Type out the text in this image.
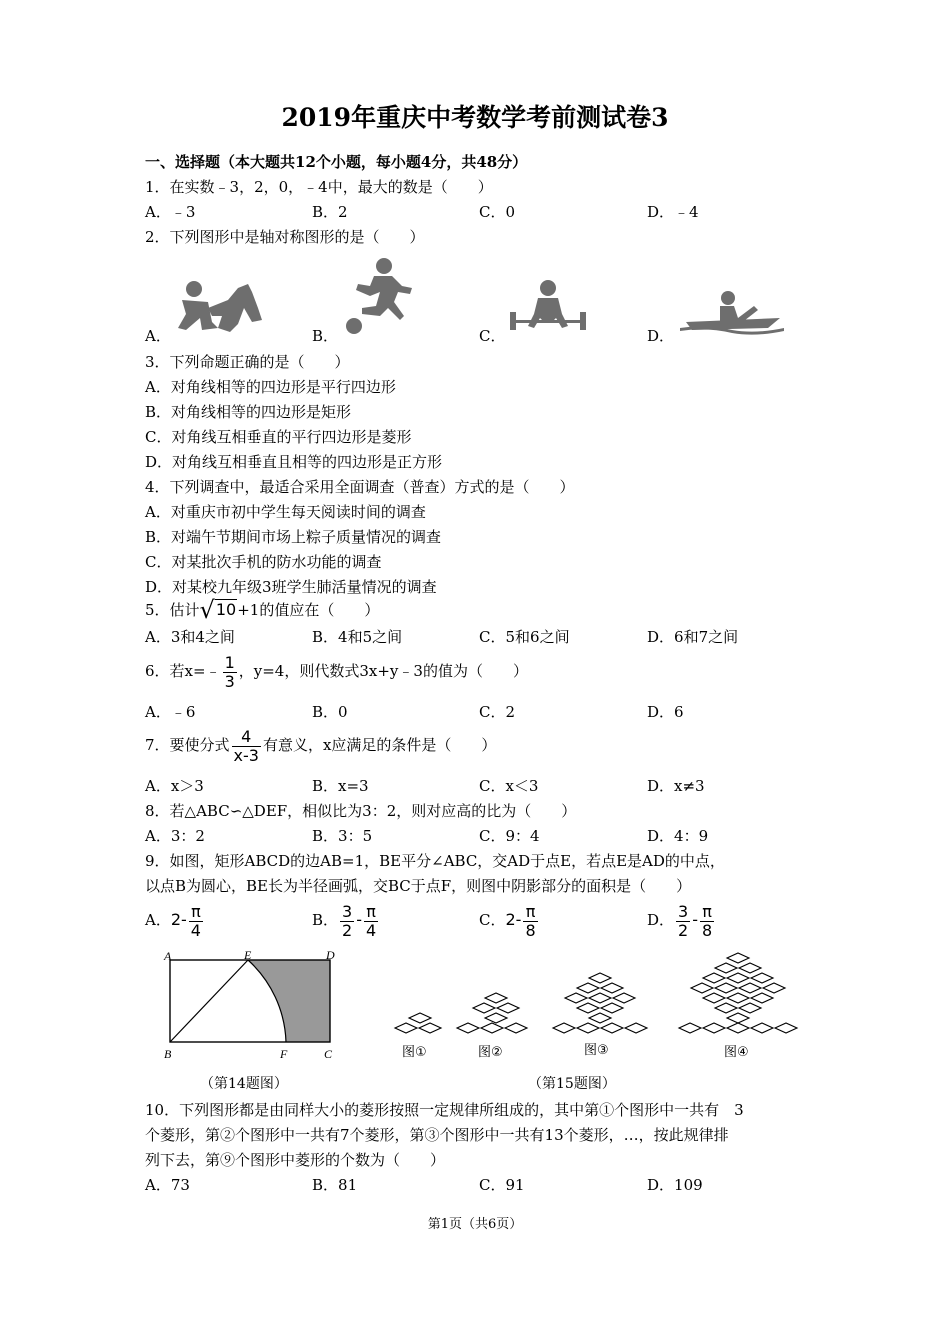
2019年重庆中考数学考前测试卷3
一、选择题（本大题共12个小题，每小题4分，共48分）
1．在实数﹣3，2，0，﹣4中，最大的数是（　　）
A．﹣3	B．2	C．0	D．﹣4
2．下列图形中是轴对称图形的是（　　）
A．	B．	C．	D．
3．下列命题正确的是（　　）
A．对角线相等的四边形是平行四边形
B．对角线相等的四边形是矩形
C．对角线互相垂直的平行四边形是菱形
D．对角线互相垂直且相等的四边形是正方形
4．下列调查中，最适合采用全面调查（普查）方式的是（　　）
A．对重庆市初中学生每天阅读时间的调查
B．对端午节期间市场上粽子质量情况的调查
C．对某批次手机的防水功能的调查
D．对某校九年级3班学生肺活量情况的调查
5．估计√10+1的值应在（　　）
A．3和4之间	B．4和5之间	C．5和6之间	D．6和7之间
6．若x=﹣ $\frac{1}{3}$ ，y=4，则代数式3x+y﹣3的值为（　　）
A．﹣6	B．0	C．2	D．6
7．要使分式 $\frac{4}{x-3}$ 有意义，x应满足的条件是（　　）
A．x＞3	B．x=3	C．x＜3	D．x≠3
8．若△ABC∽△DEF，相似比为3：2，则对应高的比为（　　）
A．3：2	B．3：5	C．9：4	D．4：9
9．如图，矩形ABCD的边AB=1，BE平分∠ABC，交AD于点E，若点E是AD的中点，
以点B为圆心，BE长为半径画弧，交BC于点F，则图中阴影部分的面积是（　　）
A．$2- \frac{\pi}{4}$	B． $\frac{3}{2} - \frac{\pi}{4}$	C．$2- \frac{\pi}{8}$	D． $\frac{3}{2} - \frac{\pi}{8}$
A	E	D
B	F	C	图①	图②	图③	图④
（第14题图）	（第15题图）
10．下列图形都是由同样大小的菱形按照一定规律所组成的，其中第①个图形中一共有　3
个菱形，第②个图形中一共有7个菱形，第③个图形中一共有13个菱形，…，按此规律排
列下去，第⑨个图形中菱形的个数为（　　）
A．73	B．81	C．91	D．109
第1页（共6页）
